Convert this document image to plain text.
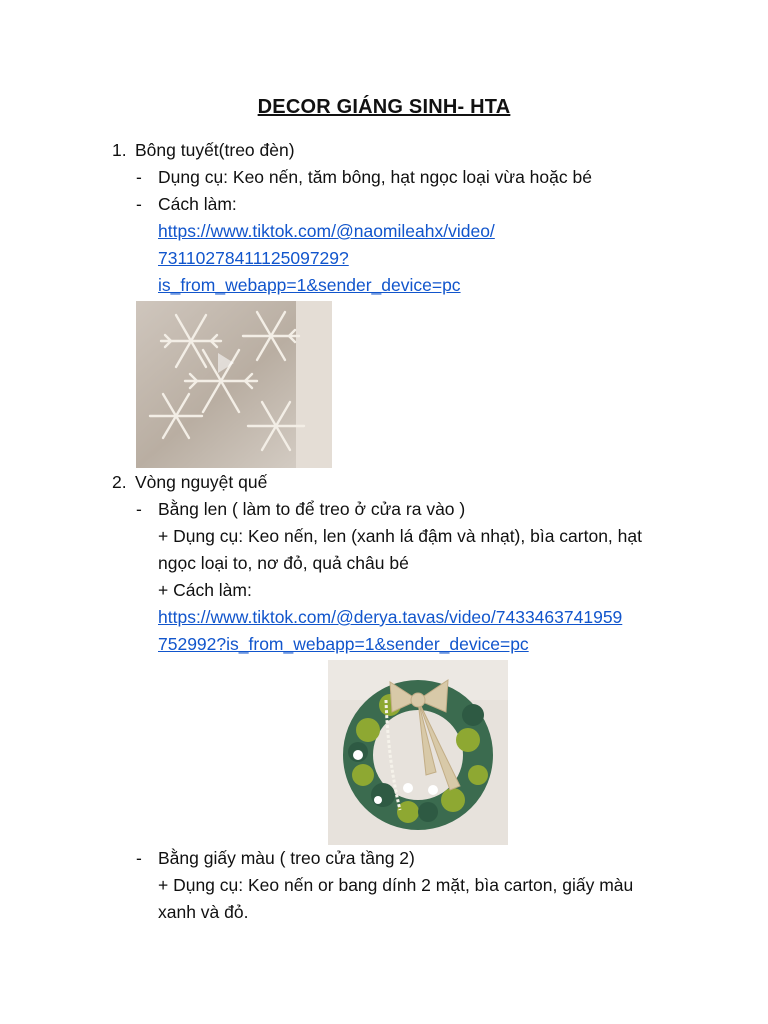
DECOR GIÁNG SINH- HTA
1. Bông tuyết(treo đèn)
- Dụng cụ: Keo nến, tăm bông, hạt ngọc loại vừa hoặc bé
- Cách làm:
https://www.tiktok.com/@naomileahx/video/
7311027841112509729?
is_from_webapp=1&sender_device=pc
2. Vòng nguyệt quế
- Bằng len ( làm to để treo ở cửa ra vào )
+ Dụng cụ: Keo nến, len (xanh lá đậm và nhạt), bìa carton, hạt
ngọc loại to, nơ đỏ, quả châu bé
+ Cách làm:
https://www.tiktok.com/@derya.tavas/video/7433463741959
752992?is_from_webapp=1&sender_device=pc
- Bằng giấy màu ( treo cửa tầng 2)
+ Dụng cụ: Keo nến or bang dính 2 mặt, bìa carton, giấy màu
xanh và đỏ.
